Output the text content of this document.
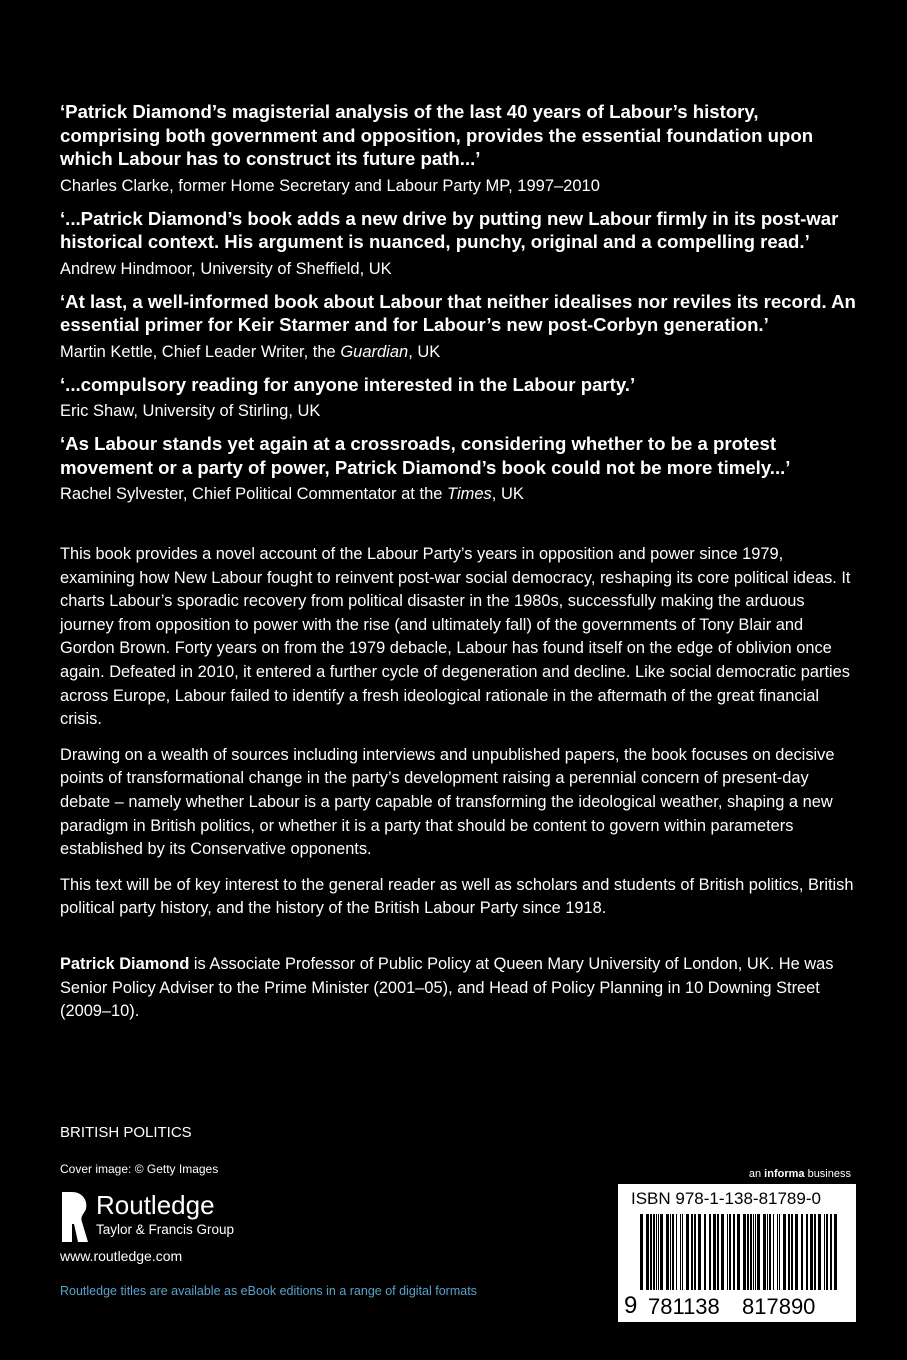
‘Patrick Diamond’s magisterial analysis of the last 40 years of Labour’s history, comprising both government and opposition, provides the essential foundation upon which Labour has to construct its future path...’
Charles Clarke, former Home Secretary and Labour Party MP, 1997–2010
‘...Patrick Diamond’s book adds a new drive by putting new Labour firmly in its post-war historical context. His argument is nuanced, punchy, original and a compelling read.’
Andrew Hindmoor, University of Sheffield, UK
‘At last, a well-informed book about Labour that neither idealises nor reviles its record. An essential primer for Keir Starmer and for Labour’s new post-Corbyn generation.’
Martin Kettle, Chief Leader Writer, the Guardian, UK
‘...compulsory reading for anyone interested in the Labour party.’
Eric Shaw, University of Stirling, UK
‘As Labour stands yet again at a crossroads, considering whether to be a protest movement or a party of power, Patrick Diamond’s book could not be more timely...’
Rachel Sylvester, Chief Political Commentator at the Times, UK
This book provides a novel account of the Labour Party’s years in opposition and power since 1979, examining how New Labour fought to reinvent post-war social democracy, reshaping its core political ideas. It charts Labour’s sporadic recovery from political disaster in the 1980s, successfully making the arduous journey from opposition to power with the rise (and ultimately fall) of the governments of Tony Blair and Gordon Brown. Forty years on from the 1979 debacle, Labour has found itself on the edge of oblivion once again. Defeated in 2010, it entered a further cycle of degeneration and decline. Like social democratic parties across Europe, Labour failed to identify a fresh ideological rationale in the aftermath of the great financial crisis.
Drawing on a wealth of sources including interviews and unpublished papers, the book focuses on decisive points of transformational change in the party’s development raising a perennial concern of present-day debate – namely whether Labour is a party capable of transforming the ideological weather, shaping a new paradigm in British politics, or whether it is a party that should be content to govern within parameters established by its Conservative opponents.
This text will be of key interest to the general reader as well as scholars and students of British politics, British political party history, and the history of the British Labour Party since 1918.
Patrick Diamond is Associate Professor of Public Policy at Queen Mary University of London, UK. He was Senior Policy Adviser to the Prime Minister (2001–05), and Head of Policy Planning in 10 Downing Street (2009–10).
BRITISH POLITICS
Cover image: © Getty Images
Routledge
Taylor & Francis Group
www.routledge.com
Routledge titles are available as eBook editions in a range of digital formats
an informa business
ISBN 978-1-138-81789-0
9 781138 817890
